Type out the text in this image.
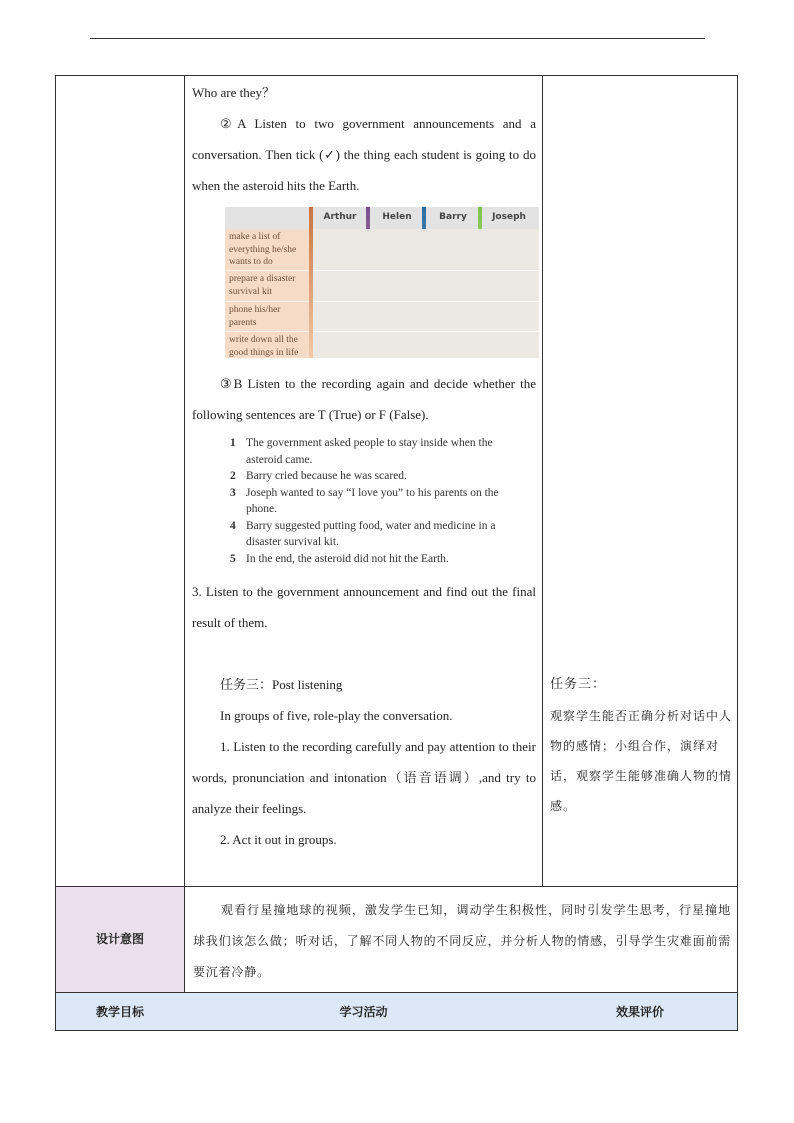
Who are they？

②A Listen to two government announcements and a conversation. Then tick (✓) the thing each student is going to do when the asteroid hits the Earth.

Arthur	Helen	Barry	Joseph
make a list of everything he/she wants to do
prepare a disaster survival kit
phone his/her parents
write down all the good things in life

③B Listen to the recording again and decide whether the following sentences are T (True) or F (False).

1 The government asked people to stay inside when the asteroid came.
2 Barry cried because he was scared.
3 Joseph wanted to say “I love you” to his parents on the phone.
4 Barry suggested putting food, water and medicine in a disaster survival kit.
5 In the end, the asteroid did not hit the Earth.

3. Listen to the government announcement and find out the final result of them.

任务三：Post listening

In groups of five, role-play the conversation.

1. Listen to the recording carefully and pay attention to their words, pronunciation and intonation（语音语调）,and try to analyze their feelings.

2. Act it out in groups.

任务三：
观察学生能否正确分析对话中人物的感情；小组合作，演绎对话，观察学生能够准确人物的情感。
设计意图
观看行星撞地球的视频，激发学生已知，调动学生积极性，同时引发学生思考，行星撞地球我们该怎么做；听对话，了解不同人物的不同反应，并分析人物的情感，引导学生灾难面前需要沉着冷静。
教学目标	学习活动	效果评价
